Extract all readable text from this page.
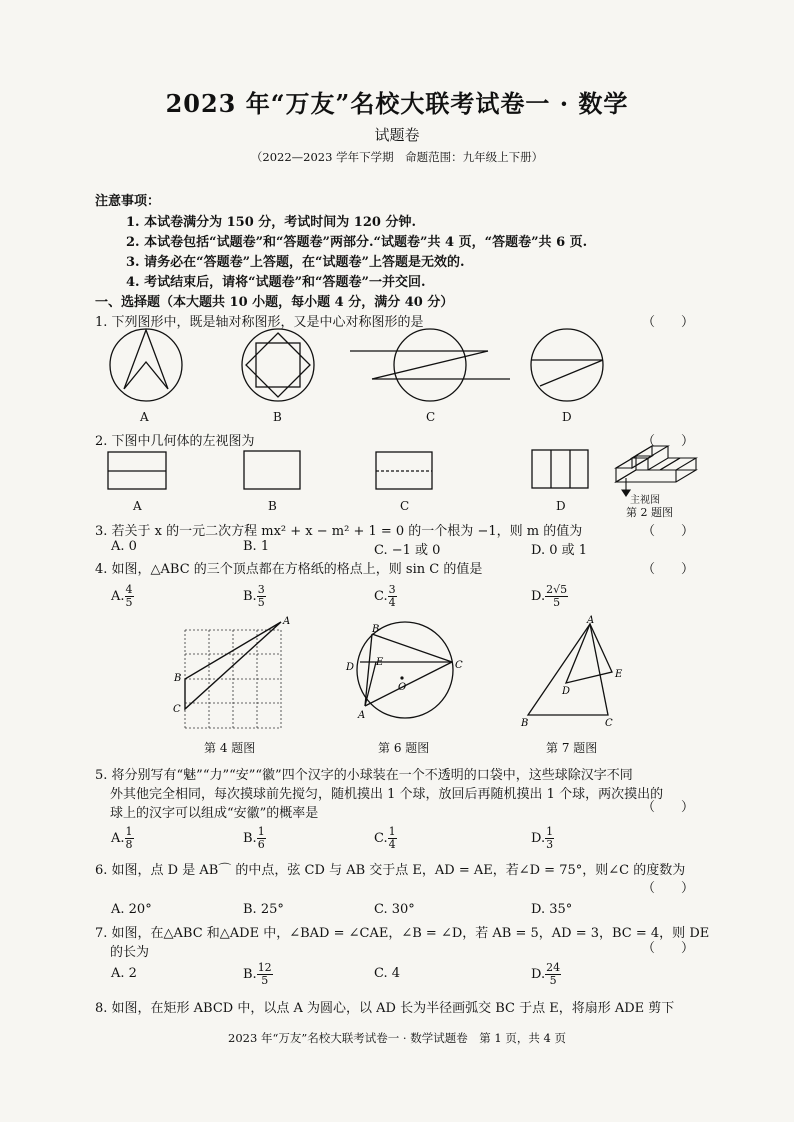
2023 年“万友”名校大联考试卷一 · 数学
试题卷
（2022—2023 学年下学期　命题范围：九年级上下册）
注意事项：
1. 本试卷满分为 150 分，考试时间为 120 分钟.
2. 本试卷包括“试题卷”和“答题卷”两部分.“试题卷”共 4 页，“答题卷”共 6 页.
3. 请务必在“答题卷”上答题，在“试题卷”上答题是无效的.
4. 考试结束后，请将“试题卷”和“答题卷”一并交回.
一、选择题（本大题共 10 小题，每小题 4 分，满分 40 分）
1. 下列图形中，既是轴对称图形，又是中心对称图形的是	（　　）
A	B	C	D
2. 下图中几何体的左视图为	（　　）
A	B	C	D	主视图
第 2 题图
3. 若关于 x 的一元二次方程 mx² + x − m² + 1 = 0 的一个根为 −1，则 m 的值为	（　　）
A. 0	B. 1	C. −1 或 0	D. 0 或 1
4. 如图，△ABC 的三个顶点都在方格纸的格点上，则 sin C 的值是	（　　）
A. $\frac{4}{5}$	B. $\frac{3}{5}$	C. $\frac{3}{4}$	D. $\frac{2√5}{5}$
A
B
C
B
D E	C
O
A
A
E
D
B	C
第 4 题图	第 6 题图	第 7 题图
5. 将分别写有“魅”“力”“安”“徽”四个汉字的小球装在一个不透明的口袋中，这些球除汉字不同
外其他完全相同，每次摸球前先搅匀，随机摸出 1 个球，放回后再随机摸出 1 个球，两次摸出的
球上的汉字可以组成“安徽”的概率是	（　　）
A. $\frac{1}{8}$	B. $\frac{1}{6}$	C. $\frac{1}{4}$	D. $\frac{1}{3}$
6. 如图，点 D 是 AB⌒ 的中点，弦 CD 与 AB 交于点 E，AD = AE，若∠D = 75°，则∠C 的度数为
（　　）
A. 20°	B. 25°	C. 30°	D. 35°
7. 如图，在△ABC 和△ADE 中，∠BAD = ∠CAE，∠B = ∠D，若 AB = 5，AD = 3，BC = 4，则 DE
的长为	（　　）
A. 2	B. $\frac{12}{5}$	C. 4	D. $\frac{24}{5}$
8. 如图，在矩形 ABCD 中，以点 A 为圆心，以 AD 长为半径画弧交 BC 于点 E，将扇形 ADE 剪下
2023 年“万友”名校大联考试卷一 · 数学试题卷　第 1 页，共 4 页
